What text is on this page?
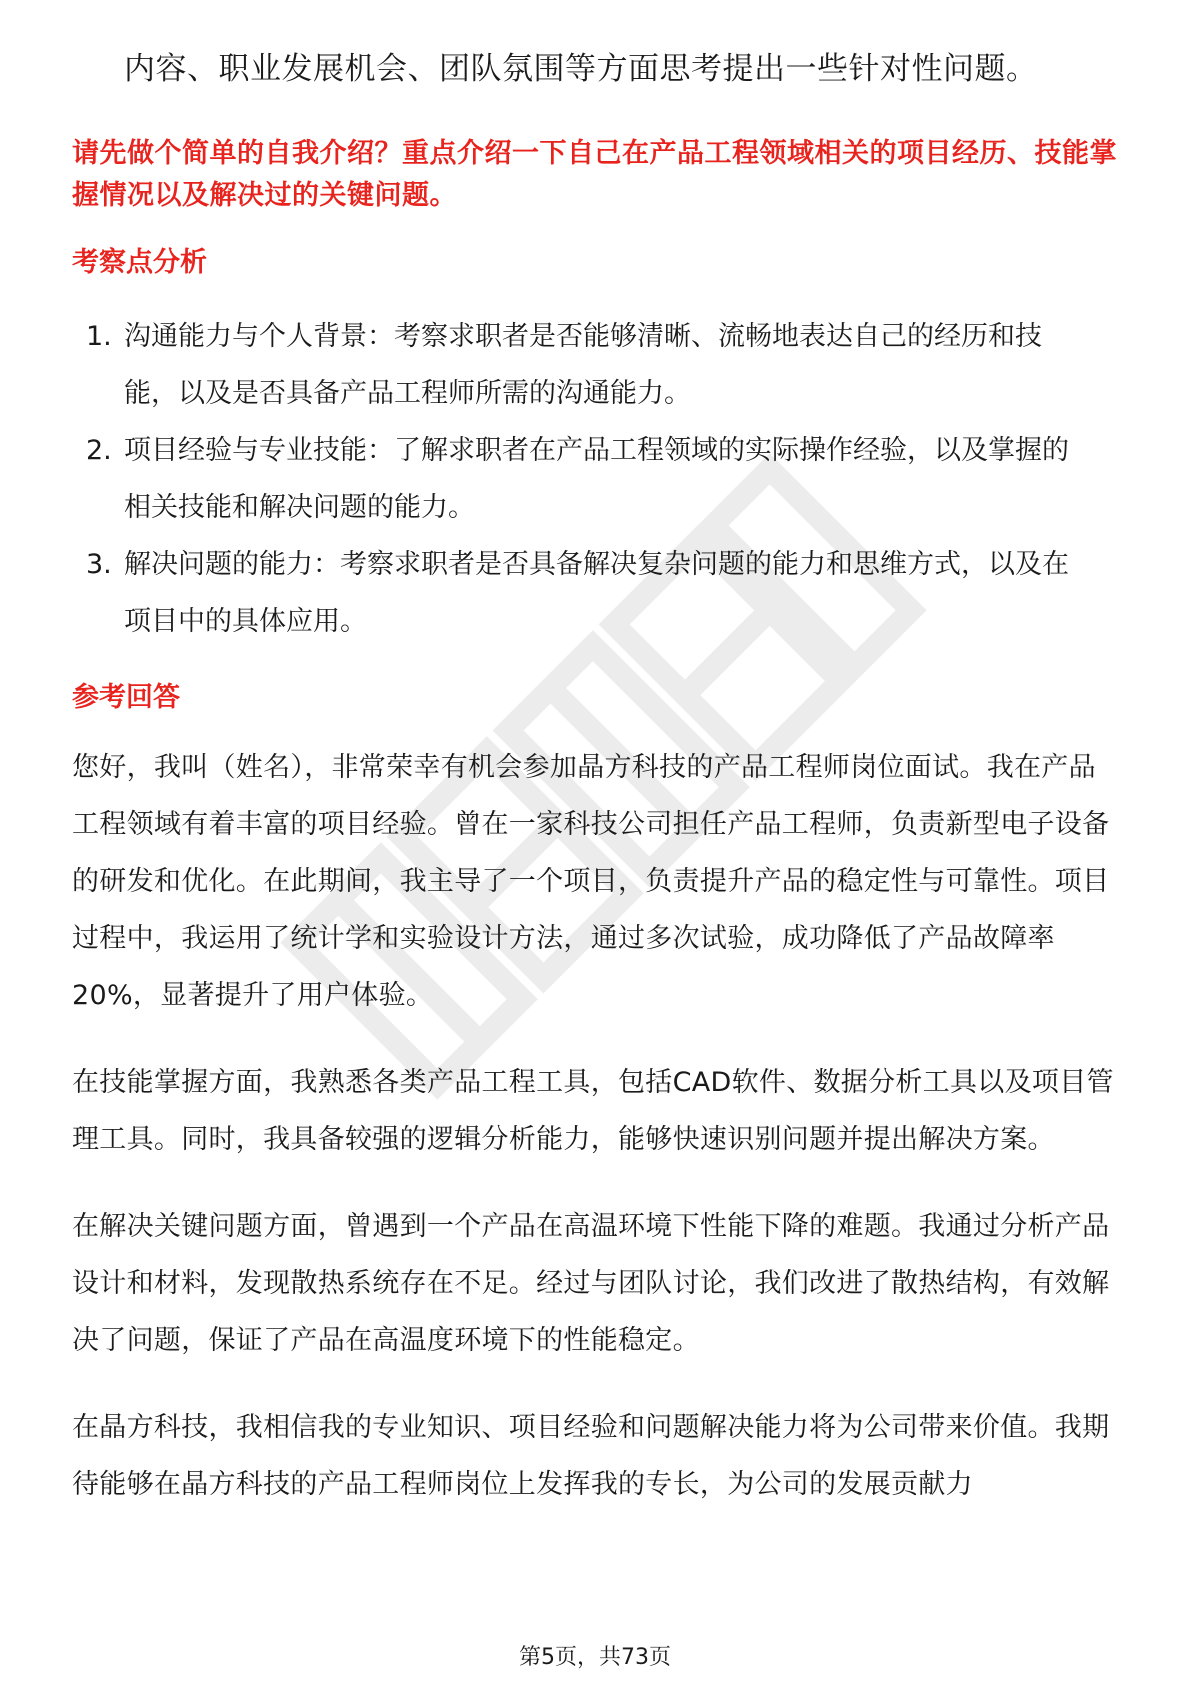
内容、职业发展机会、团队氛围等方面思考提出一些针对性问题。

请先做个简单的自我介绍？重点介绍一下自己在产品工程领域相关的项目经历、技能掌握情况以及解决过的关键问题。

考察点分析
1. 沟通能力与个人背景：考察求职者是否能够清晰、流畅地表达自己的经历和技能，以及是否具备产品工程师所需的沟通能力。
2. 项目经验与专业技能：了解求职者在产品工程领域的实际操作经验，以及掌握的相关技能和解决问题的能力。
3. 解决问题的能力：考察求职者是否具备解决复杂问题的能力和思维方式，以及在项目中的具体应用。
参考回答

您好，我叫（姓名），非常荣幸有机会参加晶方科技的产品工程师岗位面试。我在产品工程领域有着丰富的项目经验。曾在一家科技公司担任产品工程师，负责新型电子设备的研发和优化。在此期间，我主导了一个项目，负责提升产品的稳定性与可靠性。项目过程中，我运用了统计学和实验设计方法，通过多次试验，成功降低了产品故障率20%，显著提升了用户体验。

在技能掌握方面，我熟悉各类产品工程工具，包括CAD软件、数据分析工具以及项目管理工具。同时，我具备较强的逻辑分析能力，能够快速识别问题并提出解决方案。

在解决关键问题方面，曾遇到一个产品在高温环境下性能下降的难题。我通过分析产品设计和材料，发现散热系统存在不足。经过与团队讨论，我们改进了散热结构，有效解决了问题，保证了产品在高温度环境下的性能稳定。

在晶方科技，我相信我的专业知识、项目经验和问题解决能力将为公司带来价值。我期待能够在晶方科技的产品工程师岗位上发挥我的专长，为公司的发展贡献力

第5页，共73页
